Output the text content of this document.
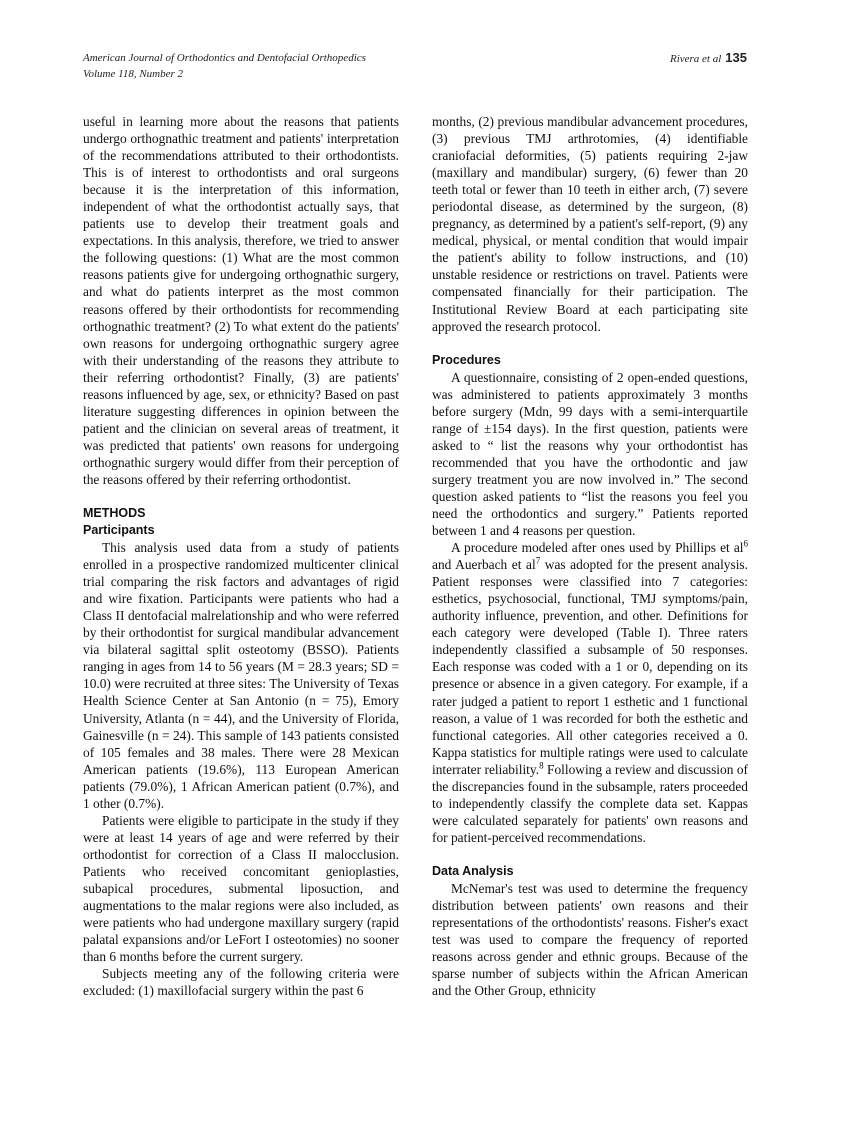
American Journal of Orthodontics and Dentofacial Orthopedics
Volume 118, Number 2
Rivera et al 135

useful in learning more about the reasons that patients undergo orthognathic treatment and patients' interpretation of the recommendations attributed to their orthodontists. This is of interest to orthodontists and oral surgeons because it is the interpretation of this information, independent of what the orthodontist actually says, that patients use to develop their treatment goals and expectations. In this analysis, therefore, we tried to answer the following questions: (1) What are the most common reasons patients give for undergoing orthognathic surgery, and what do patients interpret as the most common reasons offered by their orthodontists for recommending orthognathic treatment? (2) To what extent do the patients' own reasons for undergoing orthognathic surgery agree with their understanding of the reasons they attribute to their referring orthodontist? Finally, (3) are patients' reasons influenced by age, sex, or ethnicity? Based on past literature suggesting differences in opinion between the patient and the clinician on several areas of treatment, it was predicted that patients' own reasons for undergoing orthognathic surgery would differ from their perception of the reasons offered by their referring orthodontist.

METHODS
Participants

This analysis used data from a study of patients enrolled in a prospective randomized multicenter clinical trial comparing the risk factors and advantages of rigid and wire fixation. Participants were patients who had a Class II dentofacial malrelationship and who were referred by their orthodontist for surgical mandibular advancement via bilateral sagittal split osteotomy (BSSO). Patients ranging in ages from 14 to 56 years (M = 28.3 years; SD = 10.0) were recruited at three sites: The University of Texas Health Science Center at San Antonio (n = 75), Emory University, Atlanta (n = 44), and the University of Florida, Gainesville (n = 24). This sample of 143 patients consisted of 105 females and 38 males. There were 28 Mexican American patients (19.6%), 113 European American patients (79.0%), 1 African American patient (0.7%), and 1 other (0.7%).

Patients were eligible to participate in the study if they were at least 14 years of age and were referred by their orthodontist for correction of a Class II malocclusion. Patients who received concomitant genioplasties, subapical procedures, submental liposuction, and augmentations to the malar regions were also included, as were patients who had undergone maxillary surgery (rapid palatal expansions and/or LeFort I osteotomies) no sooner than 6 months before the current surgery.

Subjects meeting any of the following criteria were excluded: (1) maxillofacial surgery within the past 6

months, (2) previous mandibular advancement procedures, (3) previous TMJ arthrotomies, (4) identifiable craniofacial deformities, (5) patients requiring 2-jaw (maxillary and mandibular) surgery, (6) fewer than 20 teeth total or fewer than 10 teeth in either arch, (7) severe periodontal disease, as determined by the surgeon, (8) pregnancy, as determined by a patient's self-report, (9) any medical, physical, or mental condition that would impair the patient's ability to follow instructions, and (10) unstable residence or restrictions on travel. Patients were compensated financially for their participation. The Institutional Review Board at each participating site approved the research protocol.

Procedures

A questionnaire, consisting of 2 open-ended questions, was administered to patients approximately 3 months before surgery (Mdn, 99 days with a semi-interquartile range of ±154 days). In the first question, patients were asked to “ list the reasons why your orthodontist has recommended that you have the orthodontic and jaw surgery treatment you are now involved in.” The second question asked patients to “list the reasons you feel you need the orthodontics and surgery.” Patients reported between 1 and 4 reasons per question.

A procedure modeled after ones used by Phillips et $al^6$ and Auerbach et $al^7$ was adopted for the present analysis. Patient responses were classified into 7 categories: esthetics, psychosocial, functional, TMJ symptoms/pain, authority influence, prevention, and other. Definitions for each category were developed (Table I). Three raters independently classified a subsample of 50 responses. Each response was coded with a 1 or 0, depending on its presence or absence in a given category. For example, if a rater judged a patient to report 1 esthetic and 1 functional reason, a value of 1 was recorded for both the esthetic and functional categories. All other categories received a 0. Kappa statistics for multiple ratings were used to calculate interrater reliability.$^8$ Following a review and discussion of the discrepancies found in the subsample, raters proceeded to independently classify the complete data set. Kappas were calculated separately for patients' own reasons and for patient-perceived recommendations.

Data Analysis

McNemar's test was used to determine the frequency distribution between patients' own reasons and their representations of the orthodontists' reasons. Fisher's exact test was used to compare the frequency of reported reasons across gender and ethnic groups. Because of the sparse number of subjects within the African American and the Other Group, ethnicity
